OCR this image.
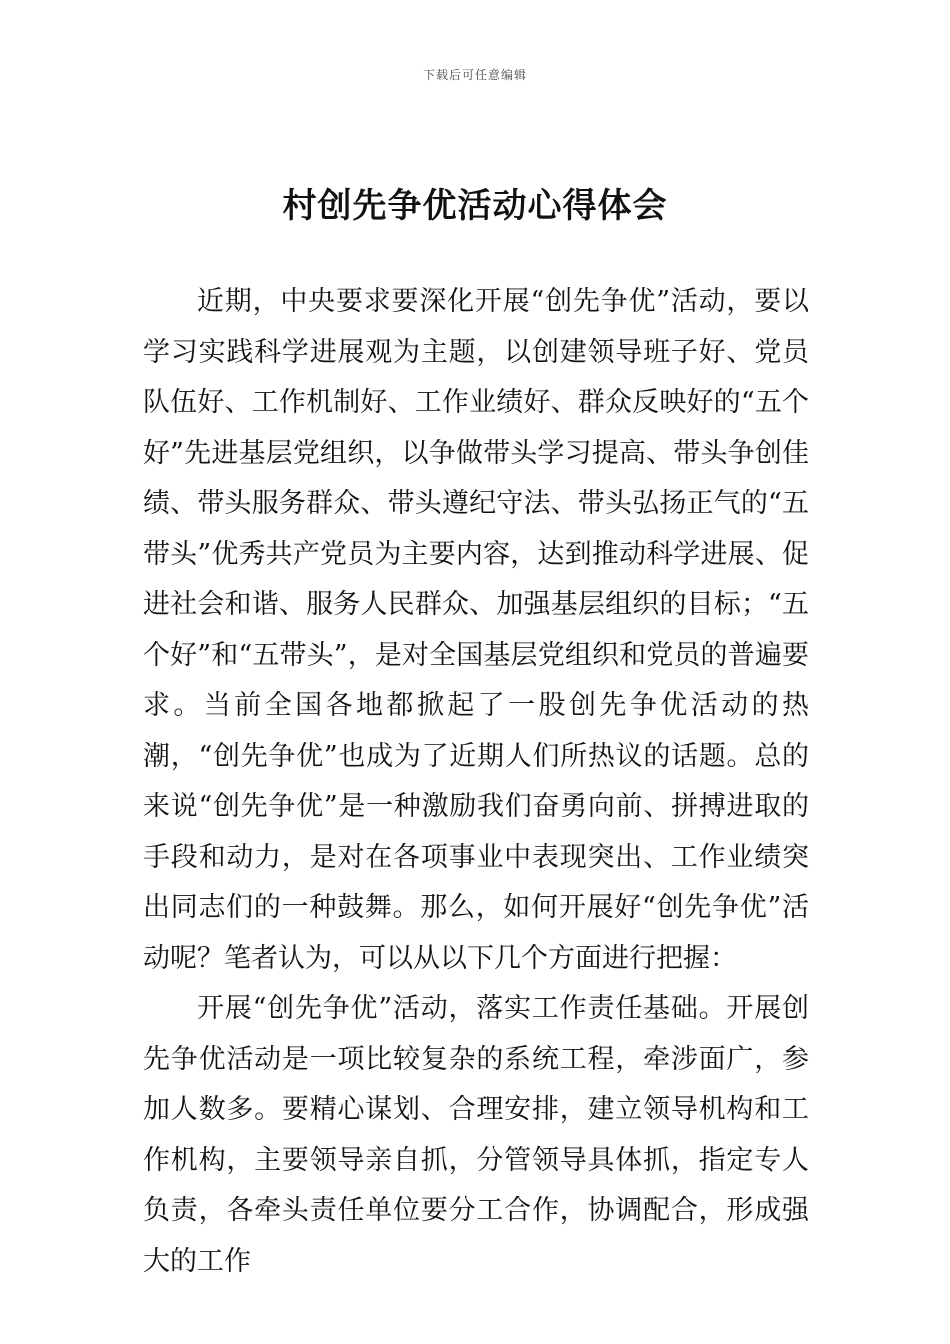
下载后可任意编辑
村创先争优活动心得体会

近期，中央要求要深化开展“创先争优”活动，要以学习实践科学进展观为主题，以创建领导班子好、党员队伍好、工作机制好、工作业绩好、群众反映好的“五个好”先进基层党组织，以争做带头学习提高、带头争创佳绩、带头服务群众、带头遵纪守法、带头弘扬正气的“五带头”优秀共产党员为主要内容，达到推动科学进展、促进社会和谐、服务人民群众、加强基层组织的目标；“五个好”和“五带头”，是对全国基层党组织和党员的普遍要求。当前全国各地都掀起了一股创先争优活动的热潮，“创先争优”也成为了近期人们所热议的话题。总的来说“创先争优”是一种激励我们奋勇向前、拼搏进取的手段和动力，是对在各项事业中表现突出、工作业绩突出同志们的一种鼓舞。那么，如何开展好“创先争优”活动呢？笔者认为，可以从以下几个方面进行把握：

开展“创先争优”活动，落实工作责任基础。开展创先争优活动是一项比较复杂的系统工程，牵涉面广，参加人数多。要精心谋划、合理安排，建立领导机构和工作机构，主要领导亲自抓，分管领导具体抓，指定专人负责，各牵头责任单位要分工合作，协调配合，形成强大的工作
